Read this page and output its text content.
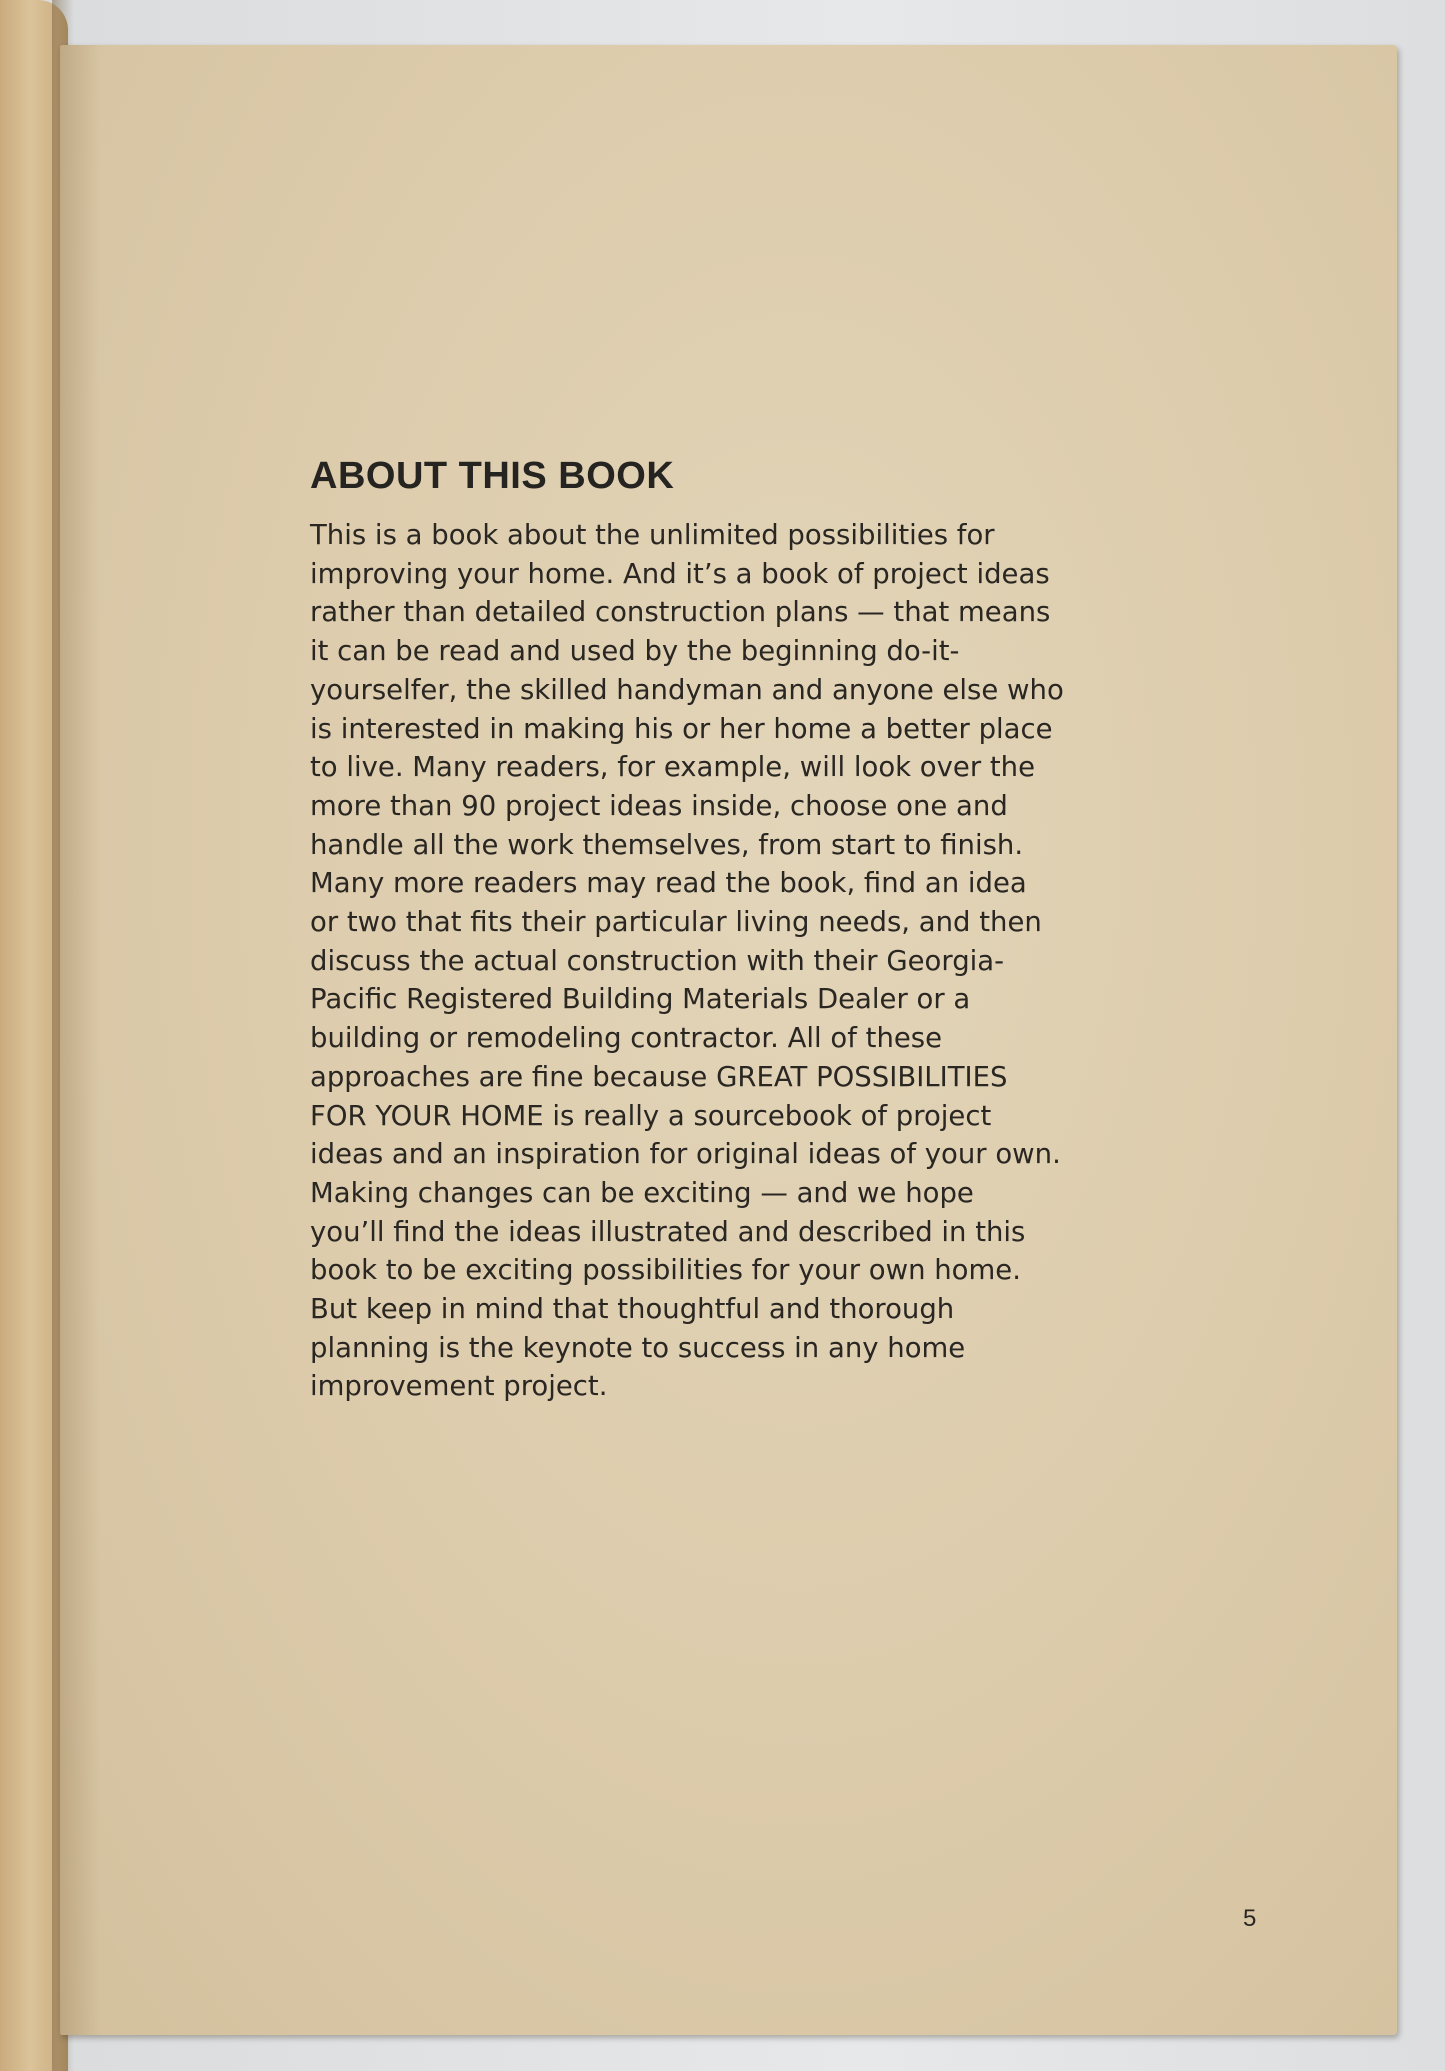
ABOUT THIS BOOK
This is a book about the unlimited possibilities for
improving your home. And it’s a book of project ideas
rather than detailed construction plans — that means
it can be read and used by the beginning do-it-
yourselfer, the skilled handyman and anyone else who
is interested in making his or her home a better place
to live. Many readers, for example, will look over the
more than 90 project ideas inside, choose one and
handle all the work themselves, from start to finish.
Many more readers may read the book, find an idea
or two that fits their particular living needs, and then
discuss the actual construction with their Georgia-
Pacific Registered Building Materials Dealer or a
building or remodeling contractor. All of these
approaches are fine because GREAT POSSIBILITIES
FOR YOUR HOME is really a sourcebook of project
ideas and an inspiration for original ideas of your own.
Making changes can be exciting — and we hope
you’ll find the ideas illustrated and described in this
book to be exciting possibilities for your own home.
But keep in mind that thoughtful and thorough
planning is the keynote to success in any home
improvement project.
5
